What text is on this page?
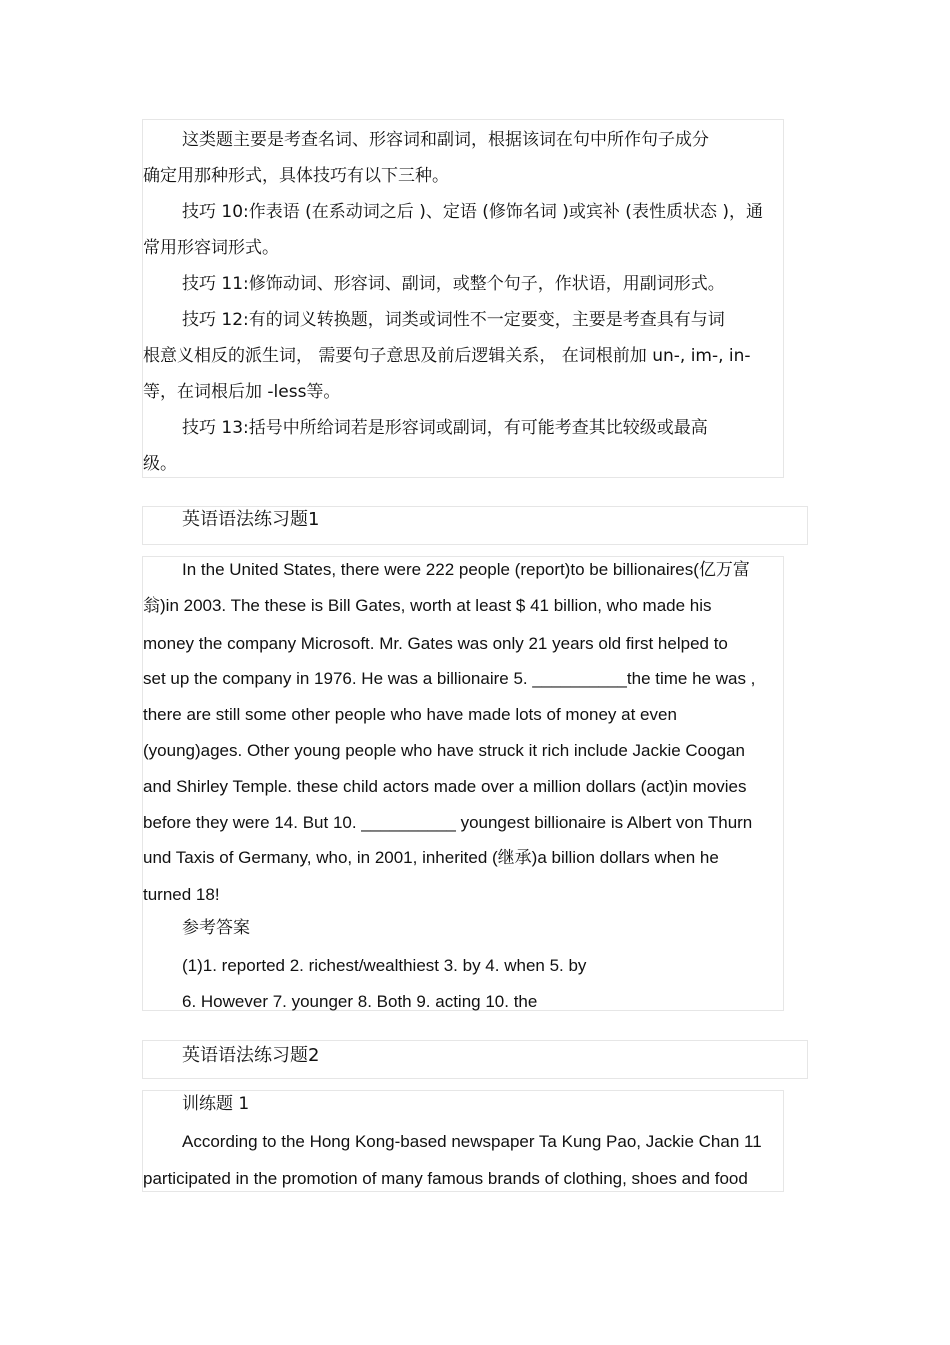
这类题主要是考查名词、形容词和副词，根据该词在句中所作句子成分
确定用那种形式，具体技巧有以下三种。
技巧 10:作表语 (在系动词之后 )、定语 (修饰名词 )或宾补 (表性质状态 )，通
常用形容词形式。
技巧 11:修饰动词、形容词、副词，或整个句子，作状语，用副词形式。
技巧 12:有的词义转换题，词类或词性不一定要变，主要是考查具有与词
根意义相反的派生词， 需要句子意思及前后逻辑关系， 在词根前加 un-, im-, in-
等，在词根后加 -less等。
技巧 13:括号中所给词若是形容词或副词，有可能考查其比较级或最高
级。
英语语法练习题1
In the United States, there were 222 people (report)to be billionaires(亿万富
翁)in 2003. The these is Bill Gates, worth at least $ 41 billion, who made his
money the company Microsoft. Mr. Gates was only 21 years old first helped to
set up the company in 1976. He was a billionaire 5. __________the time he was ,
there are still some other people who have made lots of money at even
(young)ages. Other young people who have struck it rich include Jackie Coogan
and Shirley Temple. these child actors made over a million dollars (act)in movies
before they were 14. But 10. __________ youngest billionaire is Albert von Thurn
und Taxis of Germany, who, in 2001, inherited (继承)a billion dollars when he
turned 18!
参考答案
(1)1. reported 2. richest/wealthiest 3. by 4. when 5. by
6. However 7. younger 8. Both 9. acting 10. the
英语语法练习题2
训练题 1
According to the Hong Kong-based newspaper Ta Kung Pao, Jackie Chan 11
participated in the promotion of many famous brands of clothing, shoes and food
